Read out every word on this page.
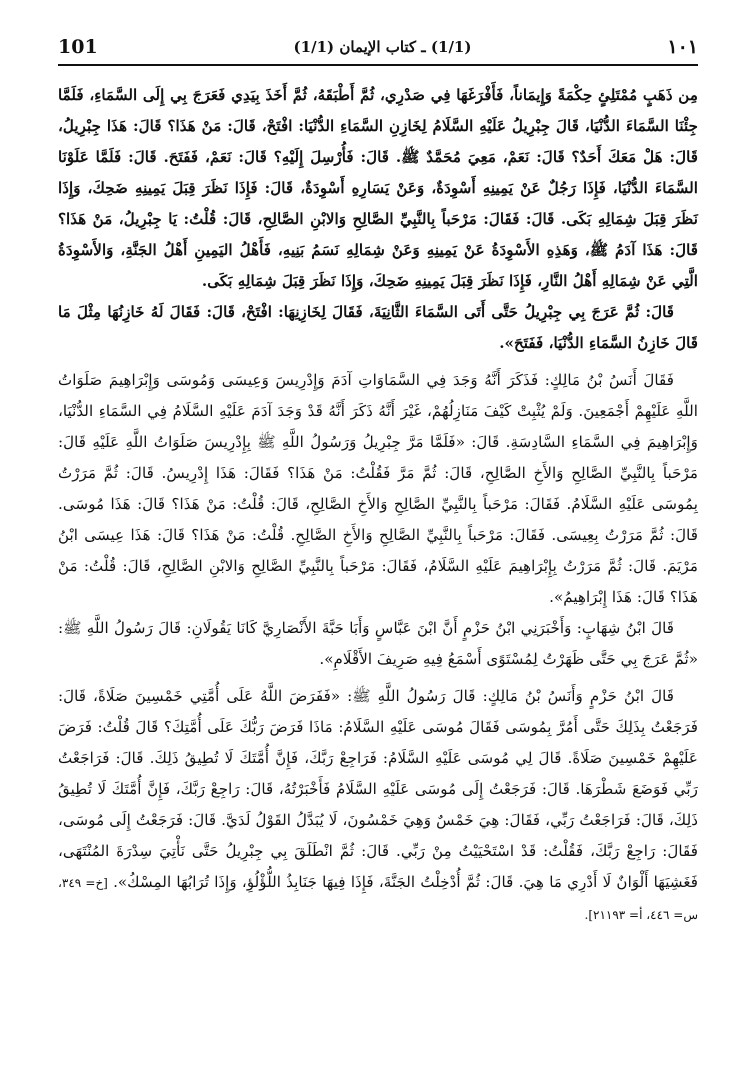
101	(1/1) ـ كتاب الإيمان (1/1)	١٠١

مِن ذَهَبٍ مُمْتَلِئٍ حِكْمَةً وَإِيمَاناً، فَأَفْرَغَهَا فِي صَدْرِي، ثُمَّ أَطْبَقَهُ، ثُمَّ أَخَذَ بِيَدِي فَعَرَجَ بِي إِلَى السَّمَاءِ، فَلَمَّا جِئْنَا السَّمَاءَ الدُّنْيَا، قَالَ جِبْرِيلُ عَلَيْهِ السَّلَامُ لِخَازِنِ السَّمَاءِ الدُّنْيَا: افْتَحْ، قَالَ: مَنْ هَذَا؟ قَالَ: هَذَا جِبْرِيلُ، قَالَ: هَلْ مَعَكَ أَحَدٌ؟ قَالَ: نَعَمْ، مَعِيَ مُحَمَّدٌ ﷺ. قَالَ: فَأُرْسِلَ إِلَيْهِ؟ قَالَ: نَعَمْ، فَفَتَحَ. قَالَ: فَلَمَّا عَلَوْنَا السَّمَاءَ الدُّنْيَا، فَإِذَا رَجُلٌ عَنْ يَمِينِهِ أَسْوِدَةٌ، وَعَنْ يَسَارِهِ أَسْوِدَةٌ، قَالَ: فَإِذَا نَظَرَ قِبَلَ يَمِينِهِ ضَحِكَ، وَإِذَا نَظَرَ قِبَلَ شِمَالِهِ بَكَى. قَالَ: فَقَالَ: مَرْحَباً بِالنَّبِيِّ الصَّالِحِ وَالابْنِ الصَّالِحِ، قَالَ: قُلْتُ: يَا جِبْرِيلُ، مَنْ هَذَا؟ قَالَ: هَذَا آدَمُ ﷺ، وَهَذِهِ الأَسْوِدَةُ عَنْ يَمِينِهِ وَعَنْ شِمَالِهِ نَسَمُ بَنِيهِ، فَأَهْلُ اليَمِينِ أَهْلُ الجَنَّةِ، وَالأَسْوِدَةُ الَّتِي عَنْ شِمَالِهِ أَهْلُ النَّارِ، فَإِذَا نَظَرَ قِبَلَ يَمِينِهِ ضَحِكَ، وَإِذَا نَظَرَ قِبَلَ شِمَالِهِ بَكَى.

قَالَ: ثُمَّ عَرَجَ بِي جِبْرِيلُ حَتَّى أَتَى السَّمَاءَ الثَّانِيَةَ، فَقَالَ لِخَازِنِهَا: افْتَحْ، قَالَ: فَقَالَ لَهُ خَازِنُهَا مِثْلَ مَا قَالَ خَازِنُ السَّمَاءِ الدُّنْيَا، فَفَتَحَ».

فَقَالَ أَنَسُ بْنُ مَالِكٍ: فَذَكَرَ أَنَّهُ وَجَدَ فِي السَّمَاوَاتِ آدَمَ وَإِدْرِيسَ وَعِيسَى وَمُوسَى وَإِبْرَاهِيمَ صَلَوَاتُ اللَّهِ عَلَيْهِمْ أَجْمَعِينَ. وَلَمْ يُثْبِتْ كَيْفَ مَنَازِلُهُمْ، غَيْرَ أَنَّهُ ذَكَرَ أَنَّهُ قَدْ وَجَدَ آدَمَ عَلَيْهِ السَّلَامُ فِي السَّمَاءِ الدُّنْيَا، وَإِبْرَاهِيمَ فِي السَّمَاءِ السَّادِسَةِ. قَالَ: «فَلَمَّا مَرَّ جِبْرِيلُ وَرَسُولُ اللَّهِ ﷺ بِإِدْرِيسَ صَلَوَاتُ اللَّهِ عَلَيْهِ قَالَ: مَرْحَباً بِالنَّبِيِّ الصَّالِحِ وَالأَخِ الصَّالِحِ، قَالَ: ثُمَّ مَرَّ فَقُلْتُ: مَنْ هَذَا؟ فَقَالَ: هَذَا إِدْرِيسُ. قَالَ: ثُمَّ مَرَرْتُ بِمُوسَى عَلَيْهِ السَّلَامُ. فَقَالَ: مَرْحَباً بِالنَّبِيِّ الصَّالِحِ وَالأَخِ الصَّالِحِ، قَالَ: قُلْتُ: مَنْ هَذَا؟ قَالَ: هَذَا مُوسَى. قَالَ: ثُمَّ مَرَرْتُ بِعِيسَى. فَقَالَ: مَرْحَباً بِالنَّبِيِّ الصَّالِحِ وَالأَخِ الصَّالِحِ. قُلْتُ: مَنْ هَذَا؟ قَالَ: هَذَا عِيسَى ابْنُ مَرْيَمَ. قَالَ: ثُمَّ مَرَرْتُ بِإِبْرَاهِيمَ عَلَيْهِ السَّلَامُ، فَقَالَ: مَرْحَباً بِالنَّبِيِّ الصَّالِحِ وَالابْنِ الصَّالِحِ، قَالَ: قُلْتُ: مَنْ هَذَا؟ قَالَ: هَذَا إِبْرَاهِيمُ».

قَالَ ابْنُ شِهَابٍ: وَأَخْبَرَنِي ابْنُ حَزْمٍ أَنَّ ابْنَ عَبَّاسٍ وَأَبَا حَبَّةَ الأَنْصَارِيَّ كَانَا يَقُولَانِ: قَالَ رَسُولُ اللَّهِ ﷺ: «ثُمَّ عَرَجَ بِي حَتَّى ظَهَرْتُ لِمُسْتَوًى أَسْمَعُ فِيهِ صَرِيفَ الأَقْلَامِ».

قَالَ ابْنُ حَزْمٍ وَأَنَسُ بْنُ مَالِكٍ: قَالَ رَسُولُ اللَّهِ ﷺ: «فَفَرَضَ اللَّهُ عَلَى أُمَّتِي خَمْسِينَ صَلَاةً، قَالَ: فَرَجَعْتُ بِذَلِكَ حَتَّى أَمُرَّ بِمُوسَى فَقَالَ مُوسَى عَلَيْهِ السَّلَامُ: مَاذَا فَرَضَ رَبُّكَ عَلَى أُمَّتِكَ؟ قَالَ قُلْتُ: فَرَضَ عَلَيْهِمْ خَمْسِينَ صَلَاةً. قَالَ لِي مُوسَى عَلَيْهِ السَّلَامُ: فَرَاجِعْ رَبَّكَ، فَإِنَّ أُمَّتَكَ لَا تُطِيقُ ذَلِكَ. قَالَ: فَرَاجَعْتُ رَبِّي فَوَضَعَ شَطْرَهَا. قَالَ: فَرَجَعْتُ إِلَى مُوسَى عَلَيْهِ السَّلَامُ فَأَخْبَرْتُهُ، قَالَ: رَاجِعْ رَبَّكَ، فَإِنَّ أُمَّتَكَ لَا تُطِيقُ ذَلِكَ، قَالَ: فَرَاجَعْتُ رَبِّي، فَقَالَ: هِيَ خَمْسٌ وَهِيَ خَمْسُونَ، لَا يُبَدَّلُ القَوْلُ لَدَيَّ. قَالَ: فَرَجَعْتُ إِلَى مُوسَى، فَقَالَ: رَاجِعْ رَبَّكَ، فَقُلْتُ: قَدْ اسْتَحْيَيْتُ مِنْ رَبِّي. قَالَ: ثُمَّ انْطَلَقَ بِي جِبْرِيلُ حَتَّى نَأْتِيَ سِدْرَةَ المُنْتَهَى، فَغَشِيَهَا أَلْوَانٌ لَا أَدْرِي مَا هِيَ. قَالَ: ثُمَّ أُدْخِلْتُ الجَنَّةَ، فَإِذَا فِيهَا جَنَابِذُ اللُّؤْلُؤِ، وَإِذَا تُرَابُهَا المِسْكُ». [خ= ٣٤٩، س= ٤٤٦، أ= ٢١١٩٣].
